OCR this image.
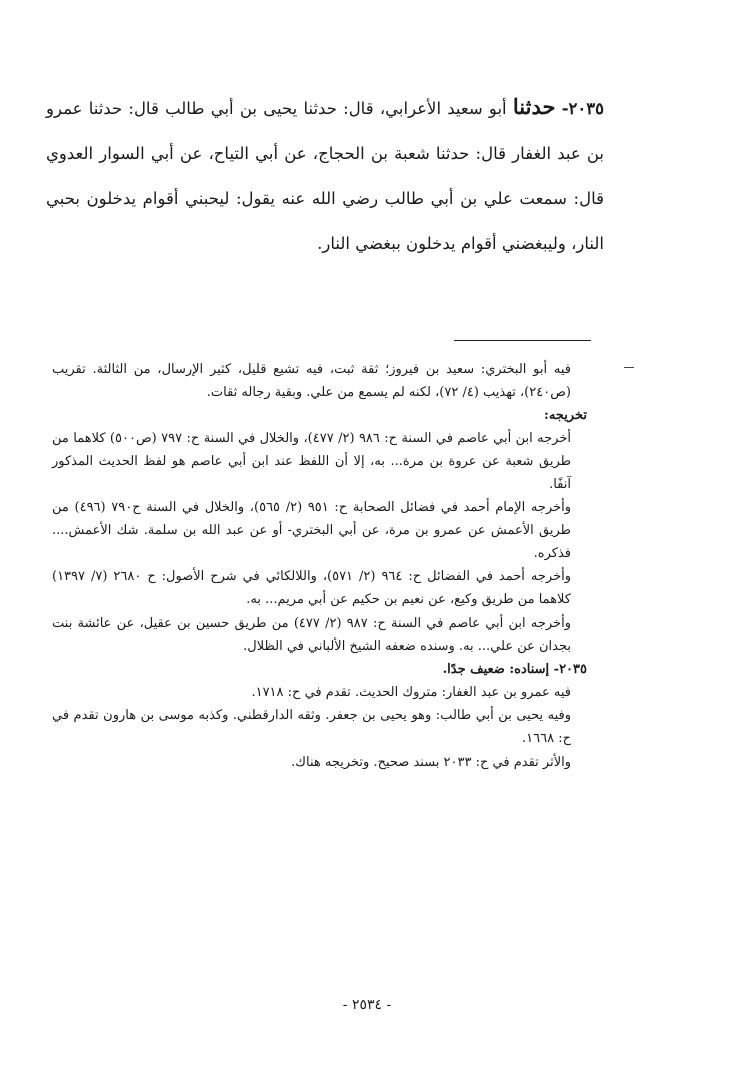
٢٠٣٥- حدثنا أبو سعيد الأعرابي، قال: حدثنا يحيى بن أبي طالب قال: حدثنا عمرو بن عبد الغفار قال: حدثنا شعبة بن الحجاج، عن أبي التياح، عن أبي السوار العدوي قال: سمعت علي بن أبي طالب رضي الله عنه يقول: ليحبني أقوام يدخلون بحبي النار، وليبغضني أقوام يدخلون ببغضي النار.

فيه أبو البختري: سعيد بن فيروز؛ ثقة ثبت، فيه تشيع قليل، كثير الإرسال، من الثالثة. تقريب (ص٢٤٠)، تهذيب (٤/ ٧٢)، لكنه لم يسمع من علي. وبقية رجاله ثقات.

تخريجه:

أخرجه ابن أبي عاصم في السنة ح: ٩٨٦ (٢/ ٤٧٧)، والخلال في السنة ح: ٧٩٧ (ص٥٠٠) كلاهما من طريق شعبة عن عروة بن مرة... به، إلا أن اللفظ عند ابن أبي عاصم هو لفظ الحديث المذكور آنفًا.

وأخرجه الإمام أحمد في فضائل الصحابة ح: ٩٥١ (٢/ ٥٦٥)، والخلال في السنة ح٧٩٠ (٤٩٦) من طريق الأعمش عن عمرو بن مرة، عن أبي البختري- أو عن عبد الله بن سلمة. شك الأعمش.... فذكره.

وأخرجه أحمد في الفضائل ح: ٩٦٤ (٢/ ٥٧١)، واللالكائي في شرح الأصول: ح ٢٦٨٠ (٧/ ١٣٩٧) كلاهما من طريق وكيع، عن نعيم بن حكيم عن أبي مريم... به.

وأخرجه ابن أبي عاصم في السنة ح: ٩٨٧ (٢/ ٤٧٧) من طريق حسين بن عقيل، عن عائشة بنت بجدان عن علي... به. وسنده ضعفه الشيخ الألباني في الظلال.

٢٠٣٥- إسناده: ضعيف جدًا.

فيه عمرو بن عبد الغفار: متروك الحديث. تقدم في ح: ١٧١٨.

وفيه يحيى بن أبي طالب: وهو يحيى بن جعفر. وثقه الدارقطني. وكذبه موسى بن هارون تقدم في ح: ١٦٦٨.

والأثر تقدم في ح: ٢٠٣٣ بسند صحيح. وتخريجه هناك.

- ٢٥٣٤ -
